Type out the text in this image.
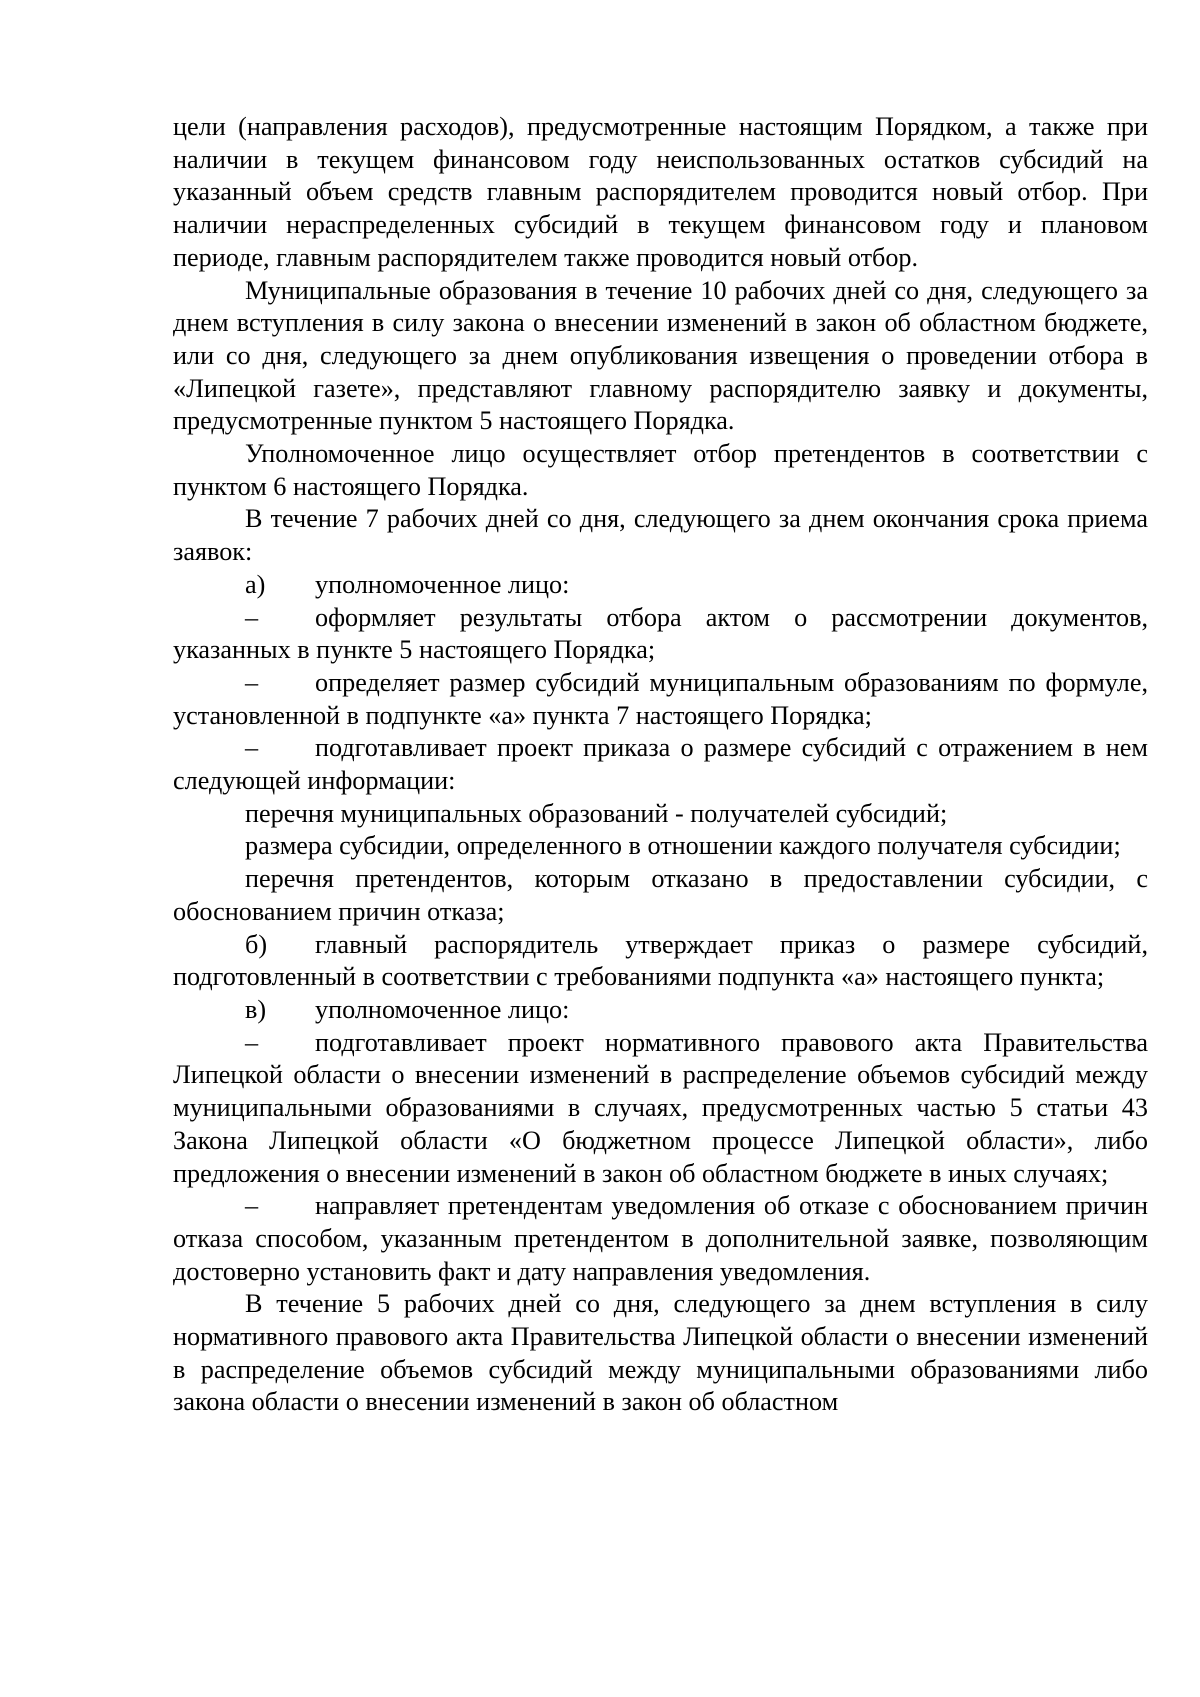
цели (направления расходов), предусмотренные настоящим Порядком, а также при наличии в текущем финансовом году неиспользованных остатков субсидий на указанный объем средств главным распорядителем проводится новый отбор. При наличии нераспределенных субсидий в текущем финансовом году и плановом периоде, главным распорядителем также проводится новый отбор.

Муниципальные образования в течение 10 рабочих дней со дня, следующего за днем вступления в силу закона о внесении изменений в закон об областном бюджете, или со дня, следующего за днем опубликования извещения о проведении отбора в «Липецкой газете», представляют главному распорядителю заявку и документы, предусмотренные пунктом 5 настоящего Порядка.

Уполномоченное лицо осуществляет отбор претендентов в соответствии с пунктом 6 настоящего Порядка.

В течение 7 рабочих дней со дня, следующего за днем окончания срока приема заявок:

а) уполномоченное лицо:

– оформляет результаты отбора актом о рассмотрении документов, указанных в пункте 5 настоящего Порядка;

– определяет размер субсидий муниципальным образованиям по формуле, установленной в подпункте «а» пункта 7 настоящего Порядка;

– подготавливает проект приказа о размере субсидий с отражением в нем следующей информации:

перечня муниципальных образований - получателей субсидий;

размера субсидии, определенного в отношении каждого получателя субсидии;

перечня претендентов, которым отказано в предоставлении субсидии, с обоснованием причин отказа;

б) главный распорядитель утверждает приказ о размере субсидий, подготовленный в соответствии с требованиями подпункта «а» настоящего пункта;

в) уполномоченное лицо:

– подготавливает проект нормативного правового акта Правительства Липецкой области о внесении изменений в распределение объемов субсидий между муниципальными образованиями в случаях, предусмотренных частью 5 статьи 43 Закона Липецкой области «О бюджетном процессе Липецкой области», либо предложения о внесении изменений в закон об областном бюджете в иных случаях;

– направляет претендентам уведомления об отказе с обоснованием причин отказа способом, указанным претендентом в дополнительной заявке, позволяющим достоверно установить факт и дату направления уведомления.

В течение 5 рабочих дней со дня, следующего за днем вступления в силу нормативного правового акта Правительства Липецкой области о внесении изменений в распределение объемов субсидий между муниципальными образованиями либо закона области о внесении изменений в закон об областном
